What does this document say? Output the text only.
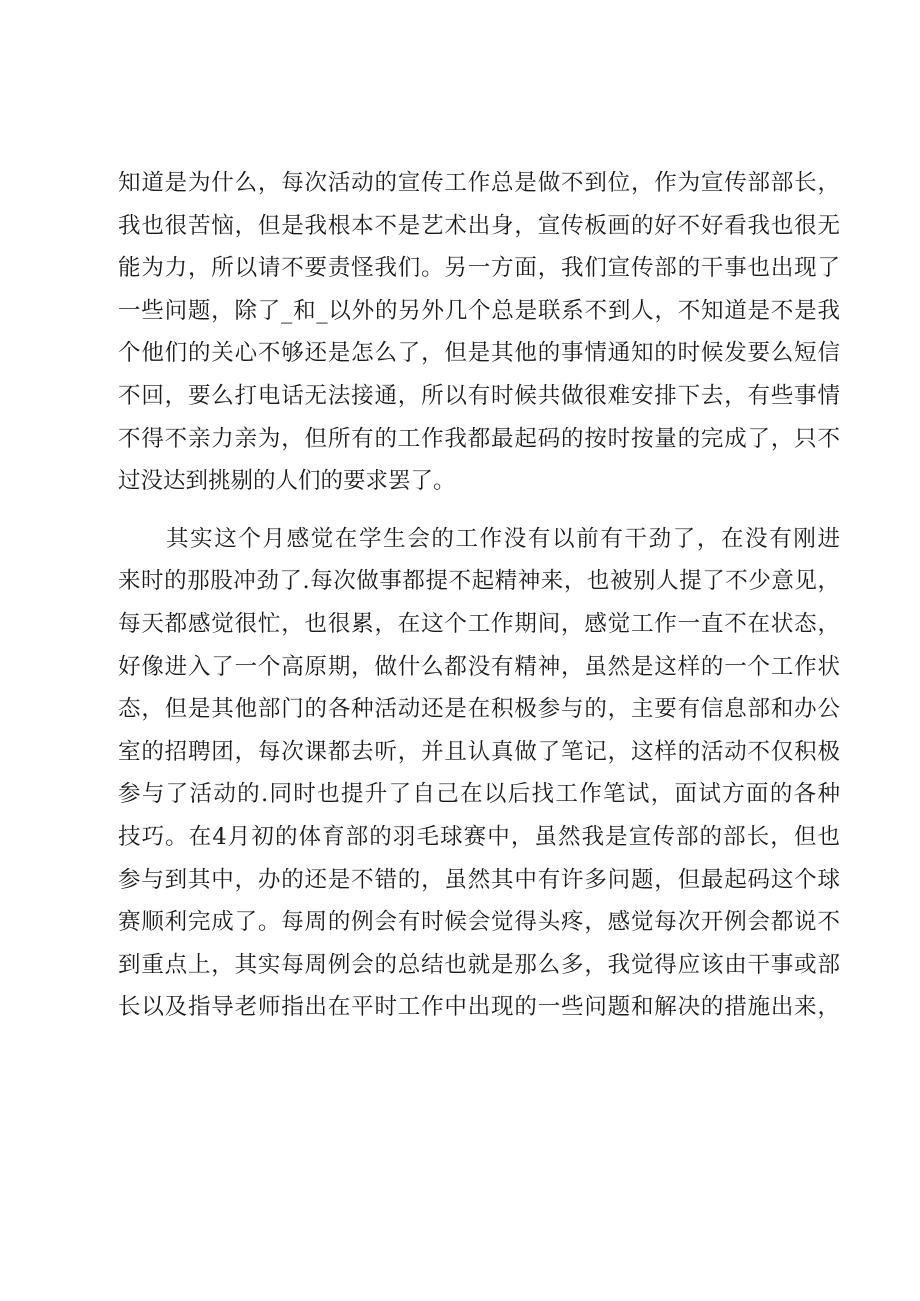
知道是为什么，每次活动的宣传工作总是做不到位，作为宣传部部长，
我也很苦恼，但是我根本不是艺术出身，宣传板画的好不好看我也很无
能为力，所以请不要责怪我们。另一方面，我们宣传部的干事也出现了
一些问题，除了_和_以外的另外几个总是联系不到人，不知道是不是我
个他们的关心不够还是怎么了，但是其他的事情通知的时候发要么短信
不回，要么打电话无法接通，所以有时候共做很难安排下去，有些事情
不得不亲力亲为，但所有的工作我都最起码的按时按量的完成了，只不
过没达到挑剔的人们的要求罢了。
其实这个月感觉在学生会的工作没有以前有干劲了，在没有刚进
来时的那股冲劲了.每次做事都提不起精神来，也被别人提了不少意见，
每天都感觉很忙，也很累，在这个工作期间，感觉工作一直不在状态，
好像进入了一个高原期，做什么都没有精神，虽然是这样的一个工作状
态，但是其他部门的各种活动还是在积极参与的，主要有信息部和办公
室的招聘团，每次课都去听，并且认真做了笔记，这样的活动不仅积极
参与了活动的.同时也提升了自己在以后找工作笔试，面试方面的各种
技巧。在4月初的体育部的羽毛球赛中，虽然我是宣传部的部长，但也
参与到其中，办的还是不错的，虽然其中有许多问题，但最起码这个球
赛顺利完成了。每周的例会有时候会觉得头疼，感觉每次开例会都说不
到重点上，其实每周例会的总结也就是那么多，我觉得应该由干事或部
长以及指导老师指出在平时工作中出现的一些问题和解决的措施出来，
